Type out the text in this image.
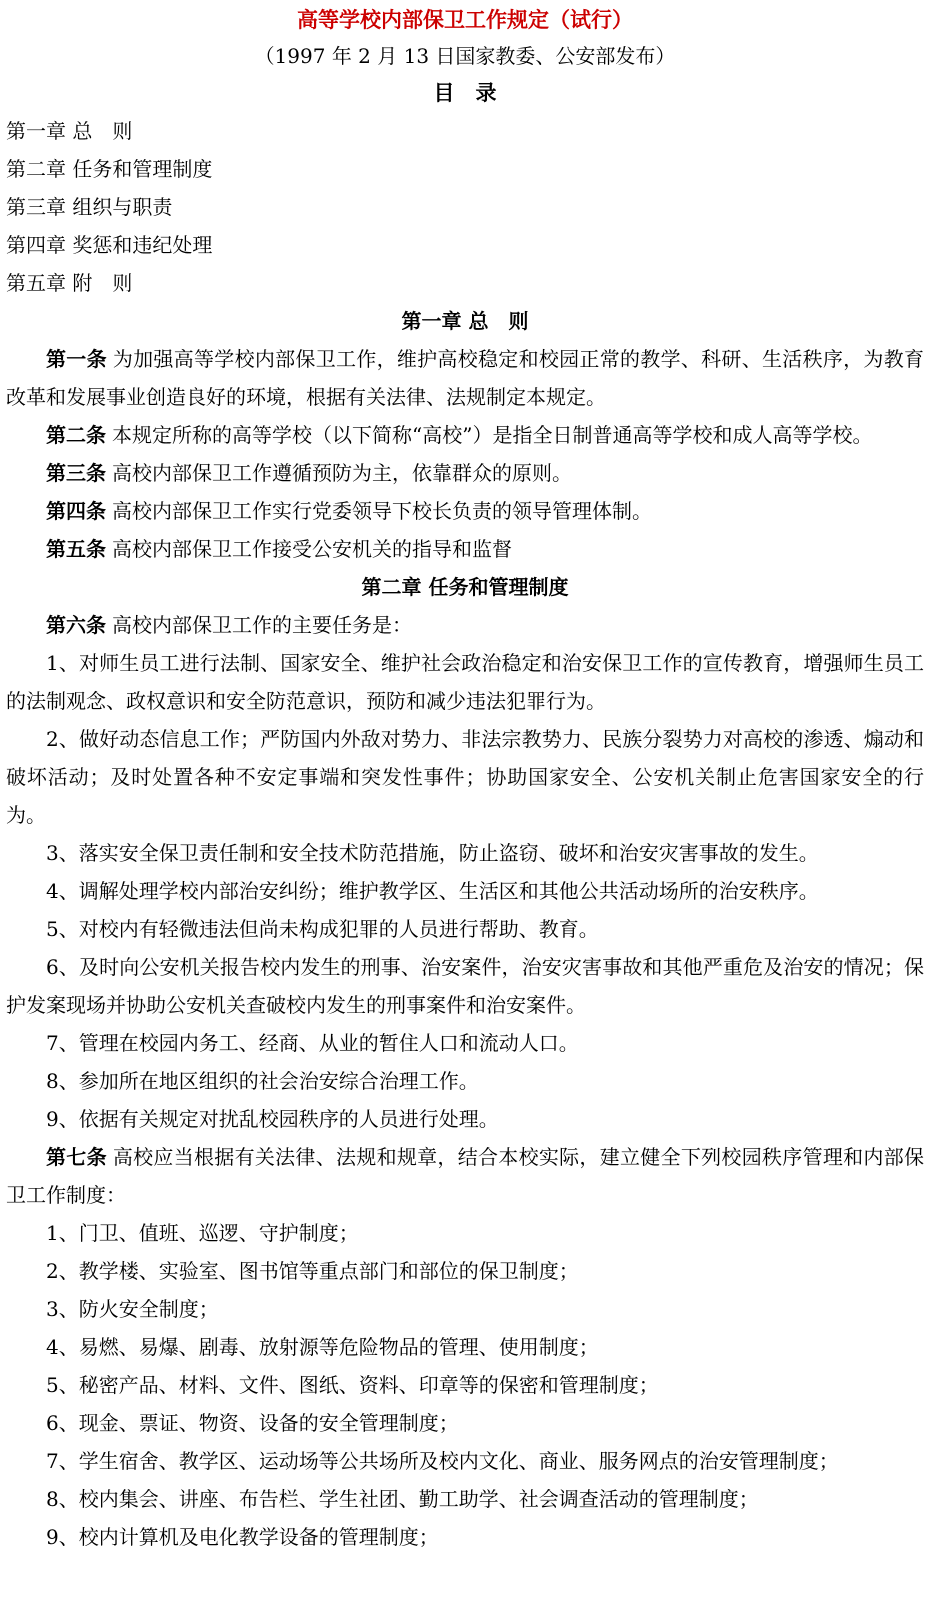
高等学校内部保卫工作规定（试行）
（1997 年 2 月 13 日国家教委、公安部发布）
目　录
第一章 总　则
第二章 任务和管理制度
第三章 组织与职责
第四章 奖惩和违纪处理
第五章 附　则
第一章 总　则

第一条 为加强高等学校内部保卫工作，维护高校稳定和校园正常的教学、科研、生活秩序，为教育改革和发展事业创造良好的环境，根据有关法律、法规制定本规定。

第二条 本规定所称的高等学校（以下简称“高校”）是指全日制普通高等学校和成人高等学校。

第三条 高校内部保卫工作遵循预防为主，依靠群众的原则。

第四条 高校内部保卫工作实行党委领导下校长负责的领导管理体制。

第五条 高校内部保卫工作接受公安机关的指导和监督

第二章 任务和管理制度

第六条 高校内部保卫工作的主要任务是：

1、对师生员工进行法制、国家安全、维护社会政治稳定和治安保卫工作的宣传教育，增强师生员工的法制观念、政权意识和安全防范意识，预防和减少违法犯罪行为。

2、做好动态信息工作；严防国内外敌对势力、非法宗教势力、民族分裂势力对高校的渗透、煽动和破坏活动；及时处置各种不安定事端和突发性事件；协助国家安全、公安机关制止危害国家安全的行为。

3、落实安全保卫责任制和安全技术防范措施，防止盗窃、破坏和治安灾害事故的发生。

4、调解处理学校内部治安纠纷；维护教学区、生活区和其他公共活动场所的治安秩序。

5、对校内有轻微违法但尚未构成犯罪的人员进行帮助、教育。

6、及时向公安机关报告校内发生的刑事、治安案件，治安灾害事故和其他严重危及治安的情况；保护发案现场并协助公安机关查破校内发生的刑事案件和治安案件。

7、管理在校园内务工、经商、从业的暂住人口和流动人口。

8、参加所在地区组织的社会治安综合治理工作。

9、依据有关规定对扰乱校园秩序的人员进行处理。

第七条 高校应当根据有关法律、法规和规章，结合本校实际，建立健全下列校园秩序管理和内部保卫工作制度：

1、门卫、值班、巡逻、守护制度；

2、教学楼、实验室、图书馆等重点部门和部位的保卫制度；

3、防火安全制度；

4、易燃、易爆、剧毒、放射源等危险物品的管理、使用制度；

5、秘密产品、材料、文件、图纸、资料、印章等的保密和管理制度；

6、现金、票证、物资、设备的安全管理制度；

7、学生宿舍、教学区、运动场等公共场所及校内文化、商业、服务网点的治安管理制度；

8、校内集会、讲座、布告栏、学生社团、勤工助学、社会调查活动的管理制度；

9、校内计算机及电化教学设备的管理制度；
